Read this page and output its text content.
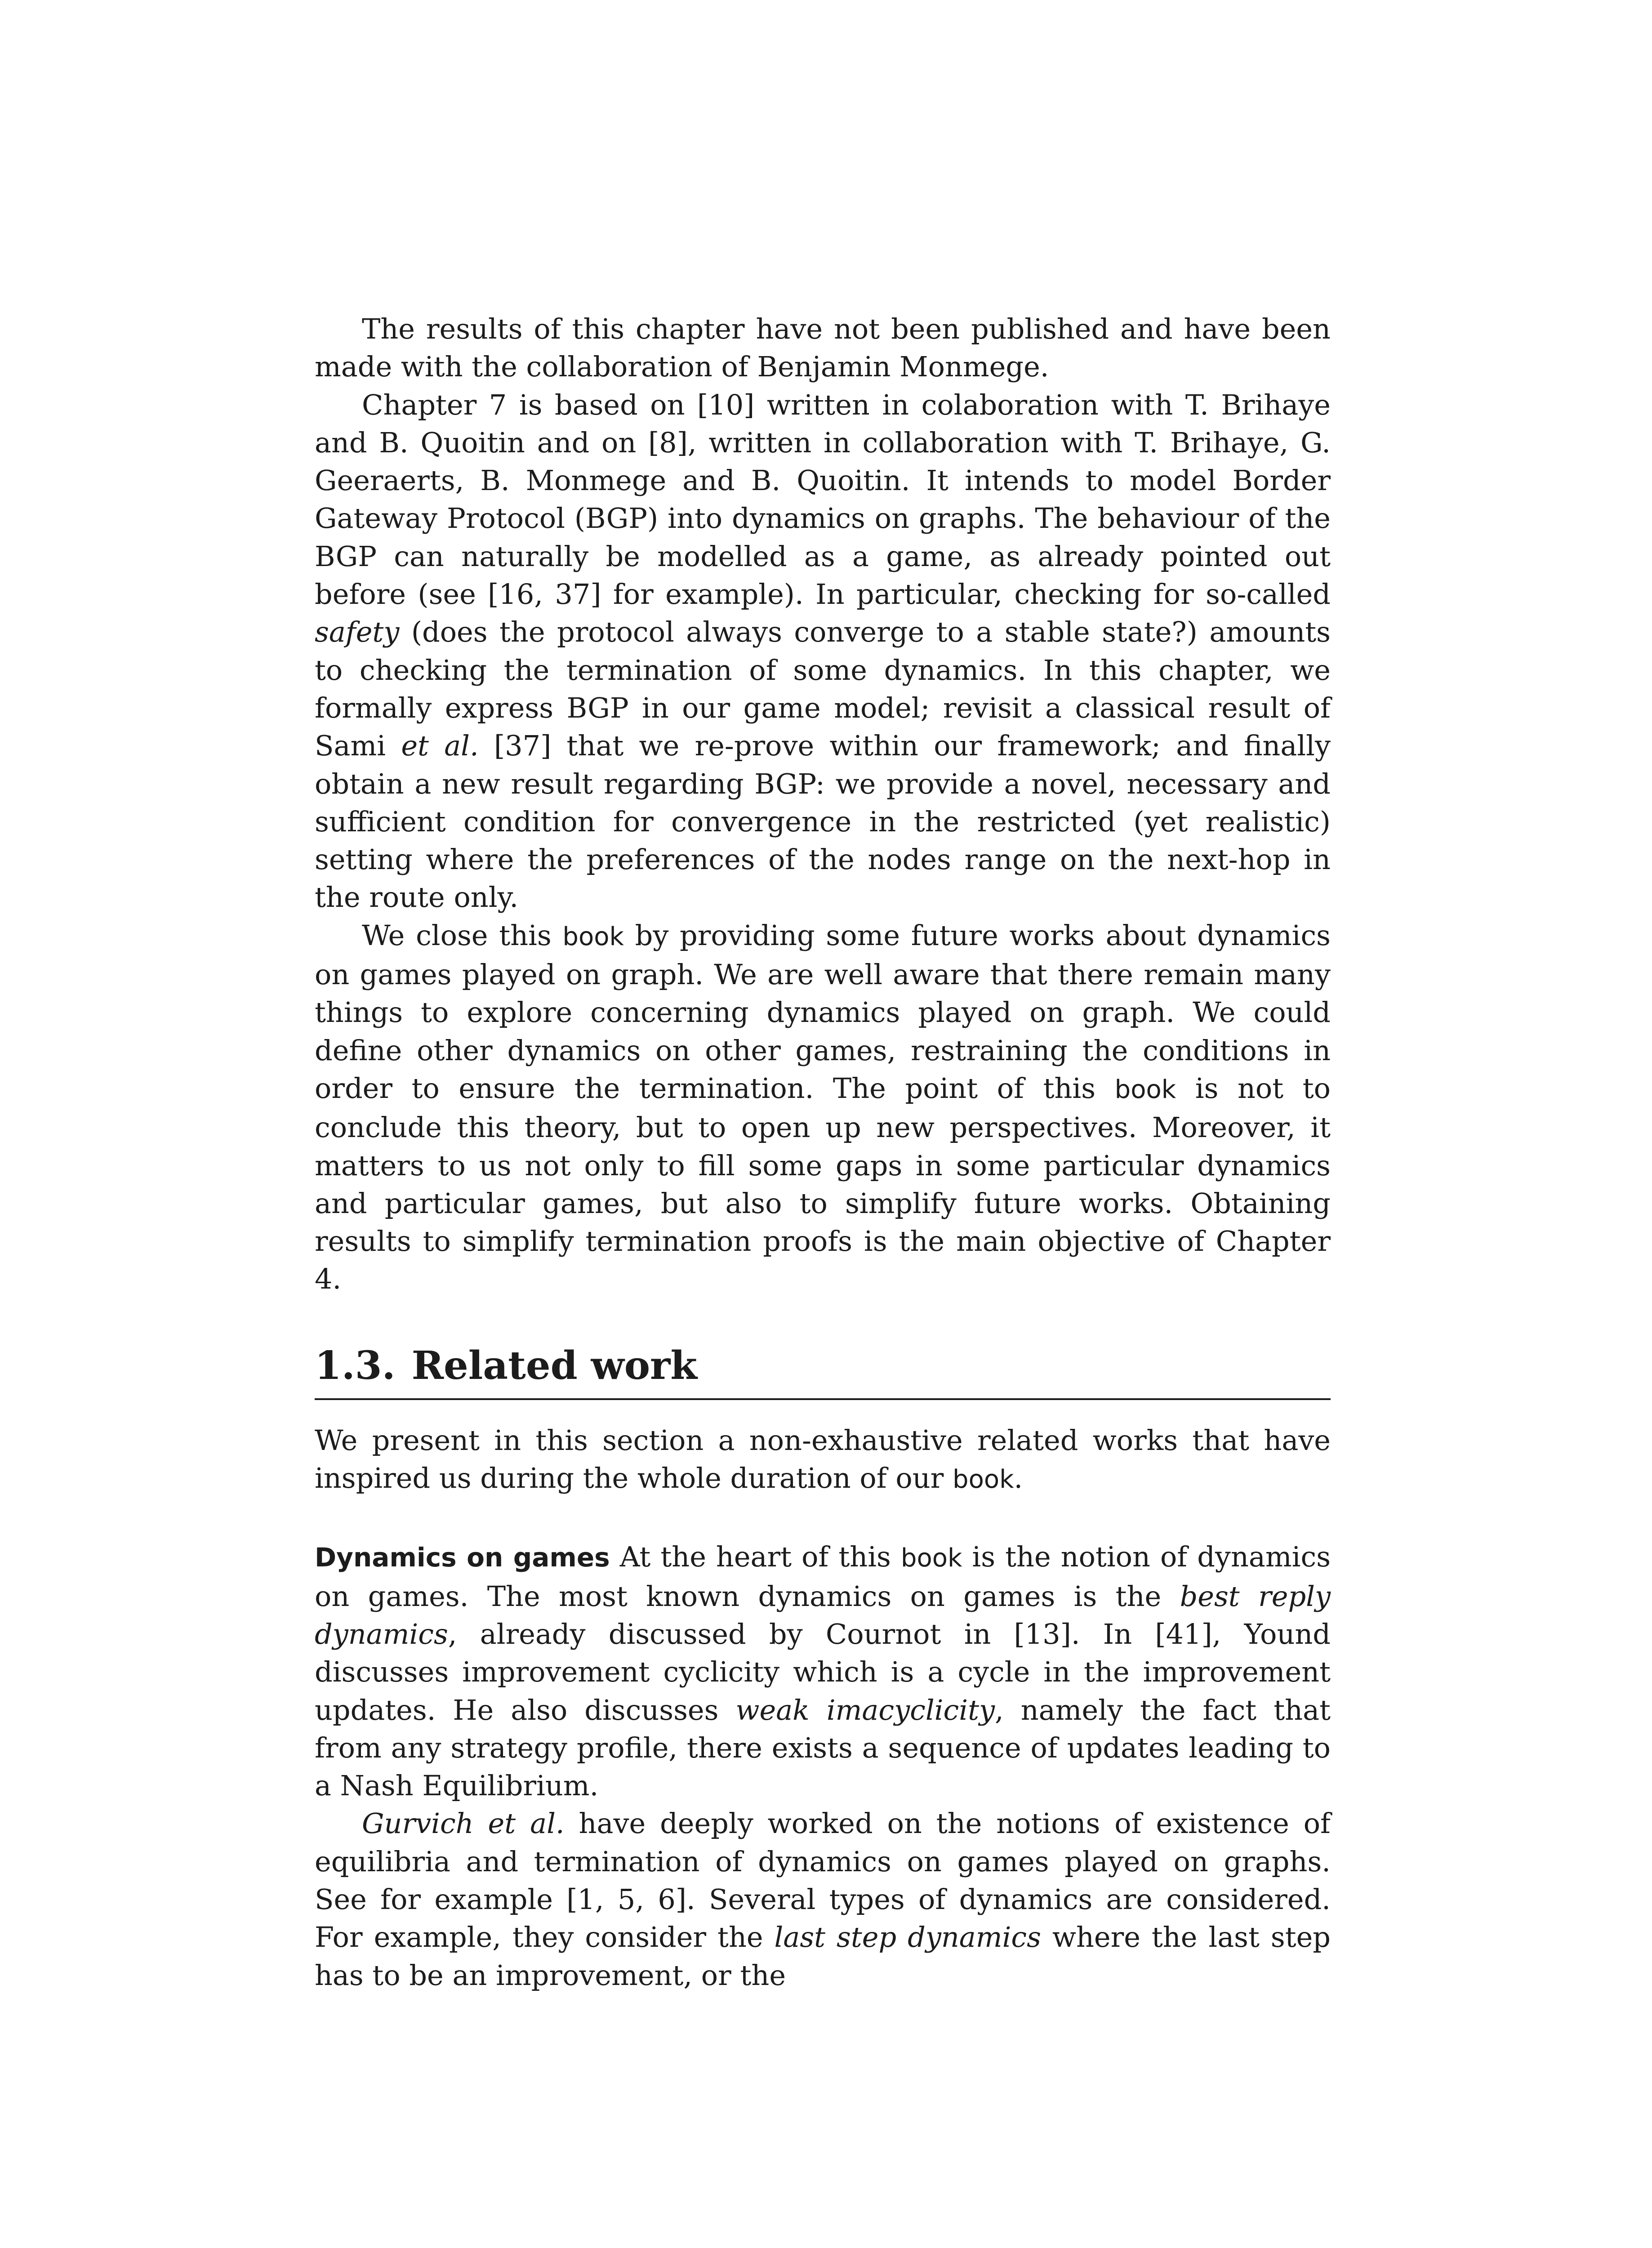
The results of this chapter have not been published and have been made with the collaboration of Benjamin Monmege.

Chapter 7 is based on [10] written in colaboration with T. Brihaye and B. Quoitin and on [8], written in collaboration with T. Brihaye, G. Geeraerts, B. Monmege and B. Quoitin. It intends to model Border Gateway Protocol (BGP) into dynamics on graphs. The behaviour of the BGP can naturally be modelled as a game, as already pointed out before (see [16, 37] for example). In particular, checking for so-called safety (does the protocol always converge to a stable state?) amounts to checking the termination of some dynamics. In this chapter, we formally express BGP in our game model; revisit a classical result of Sami et al. [37] that we re-prove within our framework; and finally obtain a new result regarding BGP: we provide a novel, necessary and sufficient condition for convergence in the restricted (yet realistic) setting where the preferences of the nodes range on the next-hop in the route only.

We close this book by providing some future works about dynamics on games played on graph. We are well aware that there remain many things to explore concerning dynamics played on graph. We could define other dynamics on other games, restraining the conditions in order to ensure the termination. The point of this book is not to conclude this theory, but to open up new perspectives. Moreover, it matters to us not only to fill some gaps in some particular dynamics and particular games, but also to simplify future works. Obtaining results to simplify termination proofs is the main objective of Chapter 4.

1.3. Related work

We present in this section a non-exhaustive related works that have inspired us during the whole duration of our book.

Dynamics on games At the heart of this book is the notion of dynamics on games. The most known dynamics on games is the best reply dynamics, already discussed by Cournot in [13]. In [41], Yound discusses improvement cyclicity which is a cycle in the improvement updates. He also discusses weak imacyclicity, namely the fact that from any strategy profile, there exists a sequence of updates leading to a Nash Equilibrium.

Gurvich et al. have deeply worked on the notions of existence of equilibria and termination of dynamics on games played on graphs. See for example [1, 5, 6]. Several types of dynamics are considered. For example, they consider the last step dynamics where the last step has to be an improvement, or the
